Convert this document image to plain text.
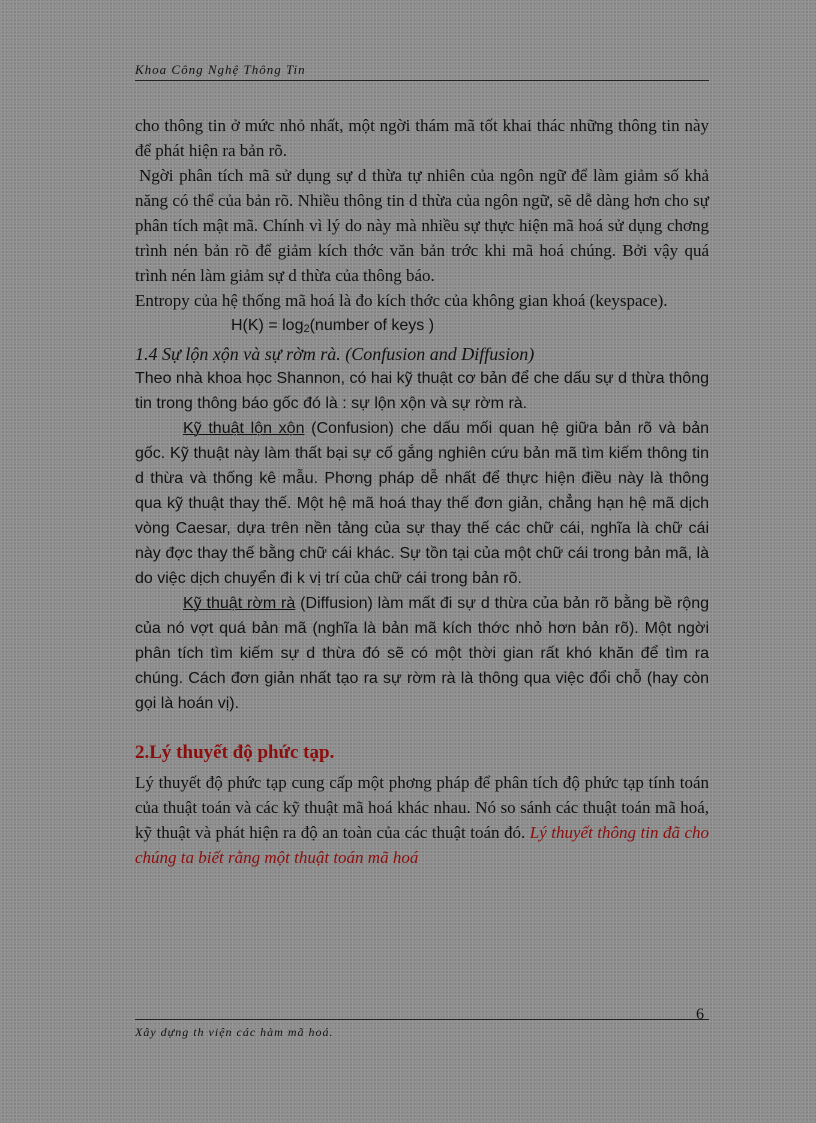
Khoa Công Nghệ Thông Tin

cho thông tin ở mức nhỏ nhất, một ngời thám mã tốt khai thác những thông tin này để phát hiện ra bản rõ.

Ngời phân tích mã sử dụng sự d thừa tự nhiên của ngôn ngữ để làm giảm số khả năng có thể của bản rõ. Nhiều thông tin d thừa của ngôn ngữ, sẽ dễ dàng hơn cho sự phân tích mật mã. Chính vì lý do này mà nhiều sự thực hiện mã hoá sử dụng chơng trình nén bản rõ để giảm kích thớc văn bản trớc khi mã hoá chúng. Bởi vậy quá trình nén làm giảm sự d thừa của thông báo.

Entropy của hệ thống mã hoá là đo kích thớc của không gian khoá (keyspace).

$H(K) = \log_2(number$ of keys )

1.4 Sự lộn xộn và sự rờm rà. (Confusion and Diffusion)

Theo nhà khoa học Shannon, có hai kỹ thuật cơ bản để che dấu sự d thừa thông tin trong thông báo gốc đó là : sự lộn xộn và sự rờm rà.

Kỹ thuật lộn xộn (Confusion) che dấu mối quan hệ giữa bản rõ và bản gốc. Kỹ thuật này làm thất bại sự cố gắng nghiên cứu bản mã tìm kiếm thông tin d thừa và thống kê mẫu. Phơng pháp dễ nhất để thực hiện điều này là thông qua kỹ thuật thay thế. Một hệ mã hoá thay thế đơn giản, chẳng hạn hệ mã dịch vòng Caesar, dựa trên nền tảng của sự thay thế các chữ cái, nghĩa là chữ cái này đợc thay thế bằng chữ cái khác. Sự tồn tại của một chữ cái trong bản mã, là do việc dịch chuyển đi k vị trí của chữ cái trong bản rõ.

Kỹ thuật rờm rà (Diffusion) làm mất đi sự d thừa của bản rõ bằng bề rộng của nó vợt quá bản mã (nghĩa là bản mã kích thớc nhỏ hơn bản rõ). Một ngời phân tích tìm kiếm sự d thừa đó sẽ có một thời gian rất khó khăn để tìm ra chúng. Cách đơn giản nhất tạo ra sự rờm rà là thông qua việc đổi chỗ (hay còn gọi là hoán vị).

2.Lý thuyết độ phức tạp.

Lý thuyết độ phức tạp cung cấp một phơng pháp để phân tích độ phức tạp tính toán của thuật toán và các kỹ thuật mã hoá khác nhau. Nó so sánh các thuật toán mã hoá, kỹ thuật và phát hiện ra độ an toàn của các thuật toán đó. Lý thuyết thông tin đã cho chúng ta biết rằng một thuật toán mã hoá

6
Xây dựng th viện các hàm mã hoá.
